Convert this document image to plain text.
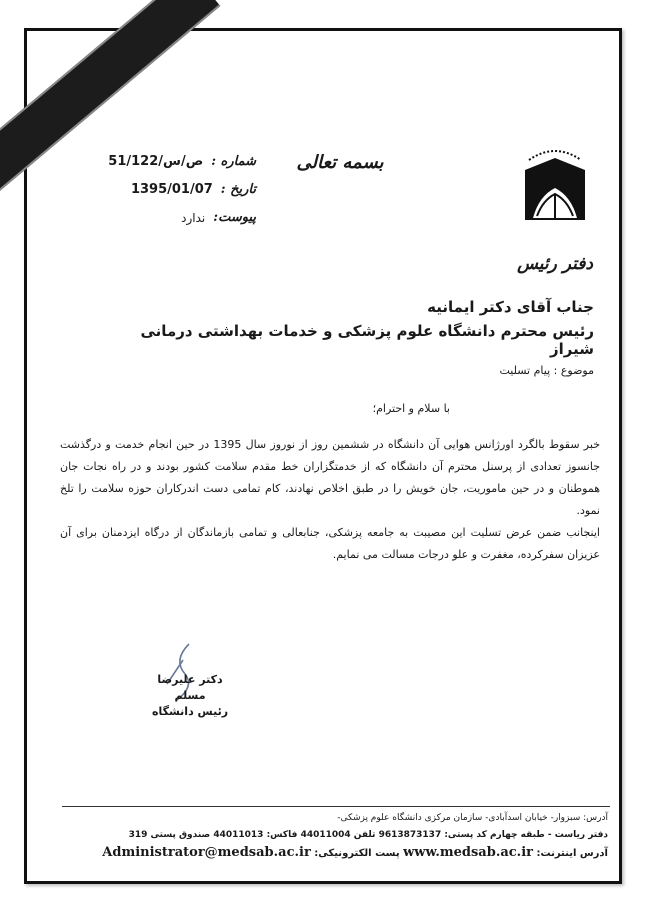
دفتر رئیس
بسمه تعالی
شماره :
51/ص/س/122
تاریخ :
1395/01/07
پیوست:
ندارد
جناب آقای دکتر ایمانیه
رئیس محترم دانشگاه علوم پزشکی و خدمات بهداشتی درمانی شیراز
موضوع : پیام تسلیت
با سلام و احترام؛

خبر سقوط بالگرد اورژانس هوایی آن دانشگاه در ششمین روز از نوروز سال 1395 در حین انجام خدمت و درگذشت جانسوز تعدادی از پرسنل محترم آن دانشگاه که از خدمتگزاران خط مقدم سلامت کشور بودند و در راه نجات جان هموطنان و در حین ماموریت، جان خویش را در طبق اخلاص نهادند، کام تمامی دست اندرکاران حوزه سلامت را تلخ نمود.

اینجانب ضمن عرض تسلیت این مصیبت به جامعه پزشکی، جنابعالی و تمامی بازماندگان از درگاه ایزدمنان برای آن عزیزان سفرکرده، مغفرت و علو درجات مسالت می نمایم.

دکتر علیرضا مسلم
رئیس دانشگاه
آدرس: سبزوار- خیابان اسدآبادی- سازمان مرکزی دانشگاه علوم پزشکی-
دفتر ریاست - طبقه چهارم کد پستی: 9613873137 تلفن 44011004 فاکس: 44011013 صندوق پستی 319
آدرس اینترنت: www.medsab.ac.ir پست الکترونیکی: Administrator@medsab.ac.ir
